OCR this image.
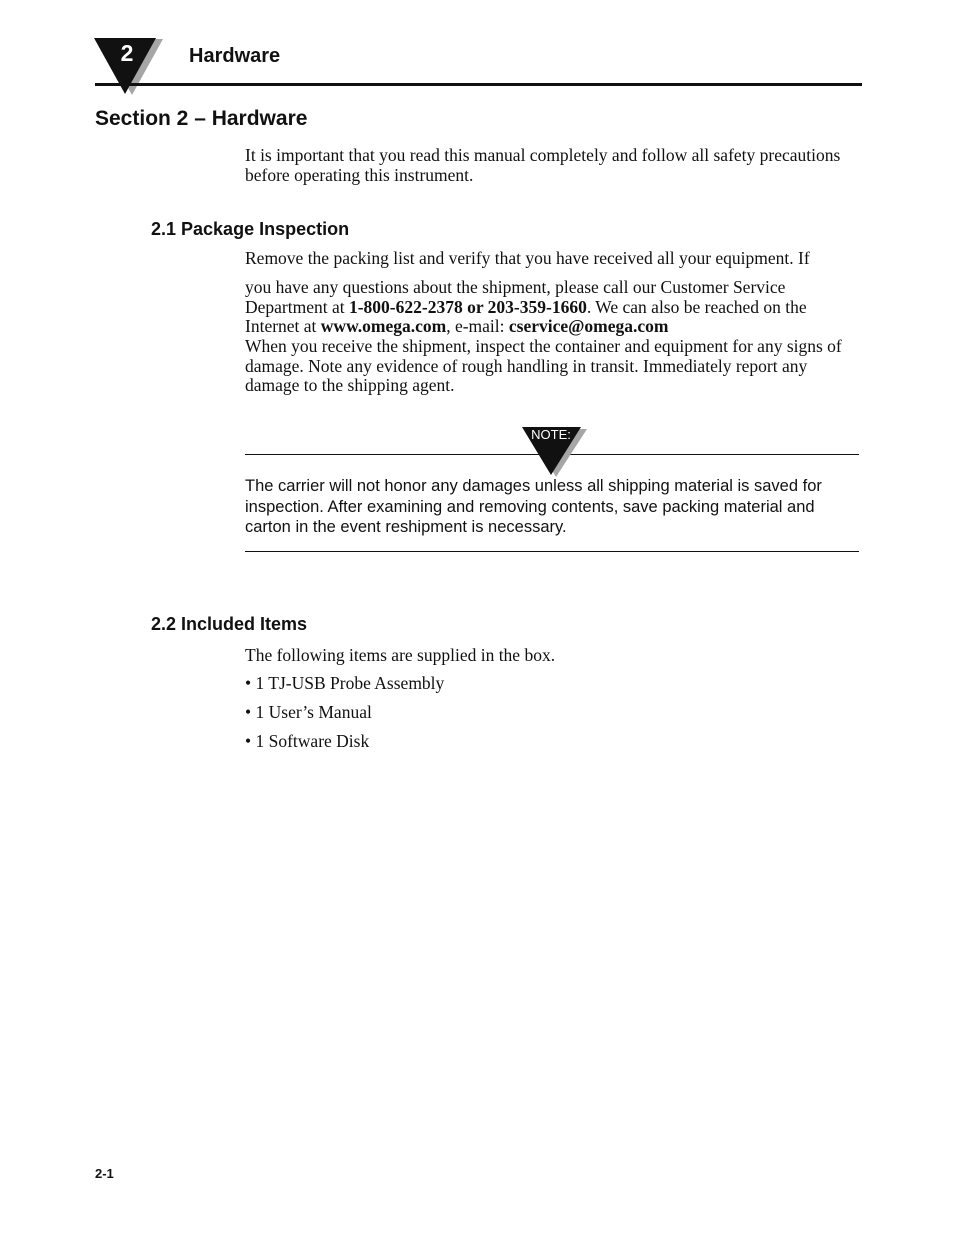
2	Hardware
Section 2 – Hardware
It is important that you read this manual completely and follow all safety precautions before operating this instrument.
2.1 Package Inspection
Remove the packing list and verify that you have received all your equipment. If
you have any questions about the shipment, please call our Customer Service Department at 1-800-622-2378 or 203-359-1660. We can also be reached on the Internet at www.omega.com, e-mail: cservice@omega.com
When you receive the shipment, inspect the container and equipment for any signs of damage. Note any evidence of rough handling in transit. Immediately report any damage to the shipping agent.
NOTE:
The carrier will not honor any damages unless all shipping material is saved for inspection. After examining and removing contents, save packing material and carton in the event reshipment is necessary.
2.2 Included Items
The following items are supplied in the box.
• 1 TJ-USB Probe Assembly
• 1 User’s Manual
• 1 Software Disk
2-1
